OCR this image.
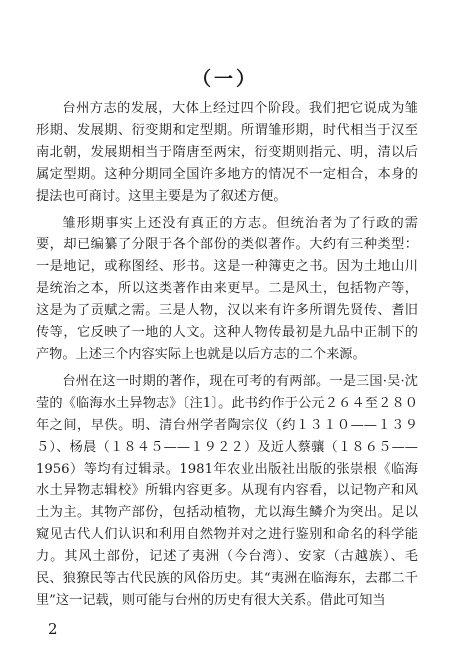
（一）

台州方志的发展，大体上经过四个阶段。我们把它说成为雏形期、发展期、衍变期和定型期。所谓雏形期，时代相当于汉至南北朝，发展期相当于隋唐至两宋，衍变期则指元、明，清以后属定型期。这种分期同全国许多地方的情况不一定相合，本身的提法也可商讨。这里主要是为了叙述方便。

雏形期事实上还没有真正的方志。但统治者为了行政的需要，却已编纂了分限于各个部份的类似著作。大约有三种类型：一是地记，或称图经、形书。这是一种簿吏之书。因为土地山川是统治之本，所以这类著作由来更早。二是风土，包括物产等，这是为了贡赋之需。三是人物，汉以来有许多所谓先贤传、耆旧传等，它反映了一地的人文。这种人物传最初是九品中正制下的产物。上述三个内容实际上也就是以后方志的二个来源。

台州在这一时期的著作，现在可考的有两部。一是三国·吴·沈莹的《临海水土异物志》〔注1〕。此书约作于公元２６４至２８０年之间，早佚。明、清台州学者陶宗仪（约１３１０——１３９５）、杨晨（１８４５——１９２２）及近人蔡骧（１８６５——1956）等均有过辑录。1981年农业出版社出版的张崇根《临海水土异物志辑校》所辑内容更多。从现有内容看，以记物产和风土为主。其物产部份，包括动植物，尤以海生鳞介为突出。足以窥见古代人们认识和利用自然物并对之进行鉴别和命名的科学能力。其风土部份，记述了夷洲（今台湾）、安家（古越族）、毛民、狼獠民等古代民族的风俗历史。其“夷洲在临海东，去郡二千里”这一记载，则可能与台州的历史有很大关系。借此可知当

2
